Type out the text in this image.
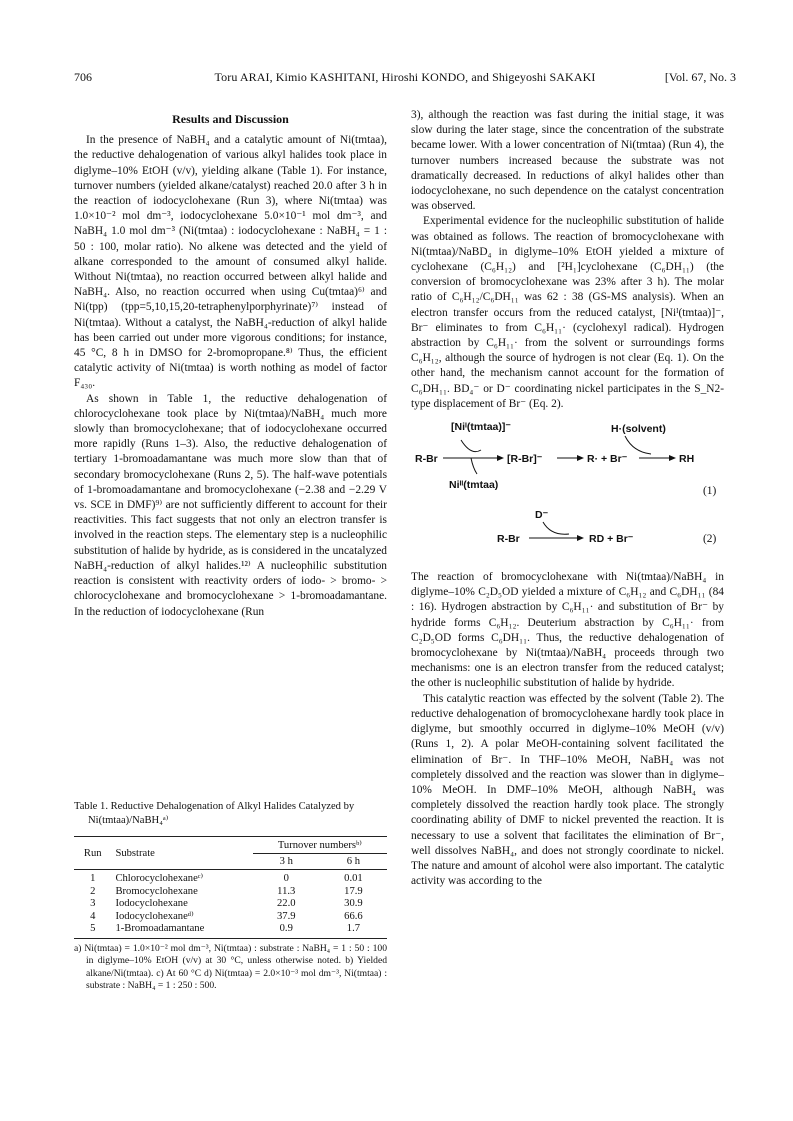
706	Toru ARAI, Kimio KASHITANI, Hiroshi KONDO, and Shigeyoshi SAKAKI	[Vol. 67, No. 3
Results and Discussion

In the presence of NaBH₄ and a catalytic amount of Ni(tmtaa), the reductive dehalogenation of various alkyl halides took place in diglyme–10% EtOH (v/v), yielding alkane (Table 1). For instance, turnover numbers (yielded alkane/catalyst) reached 20.0 after 3 h in the reaction of iodocyclohexane (Run 3), where Ni(tmtaa) was 1.0×10⁻² mol dm⁻³, iodocyclohexane 5.0×10⁻¹ mol dm⁻³, and NaBH₄ 1.0 mol dm⁻³ (Ni(tmtaa) : iodocyclohexane : NaBH₄ = 1 : 50 : 100, molar ratio). No alkene was detected and the yield of alkane corresponded to the amount of consumed alkyl halide. Without Ni(tmtaa), no reaction occurred between alkyl halide and NaBH₄. Also, no reaction occurred when using Cu(tmtaa)⁶⁾ and Ni(tpp) (tpp=5,10,15,20-tetraphenylporphyrinate)⁷⁾ instead of Ni(tmtaa). Without a catalyst, the NaBH₄-reduction of alkyl halide has been carried out under more vigorous conditions; for instance, 45 °C, 8 h in DMSO for 2-bromopropane.⁸⁾ Thus, the efficient catalytic activity of Ni(tmtaa) is worth nothing as model of factor F₄₃₀.

As shown in Table 1, the reductive dehalogenation of chlorocyclohexane took place by Ni(tmtaa)/NaBH₄ much more slowly than bromocyclohexane; that of iodocyclohexane occurred more rapidly (Runs 1–3). Also, the reductive dehalogenation of tertiary 1-bromoadamantane was much more slow than that of secondary bromocyclohexane (Runs 2, 5). The half-wave potentials of 1-bromoadamantane and bromocyclohexane (−2.38 and −2.29 V vs. SCE in DMF)⁹⁾ are not sufficiently different to account for their reactivities. This fact suggests that not only an electron transfer is involved in the reaction steps. The elementary step is a nucleophilic substitution of halide by hydride, as is considered in the uncatalyzed NaBH₄-reduction of alkyl halides.¹²⁾ A nucleophilic substitution reaction is consistent with reactivity orders of iodo- > bromo- > chlorocyclohexane and bromocyclohexane > 1-bromoadamantane. In the reduction of iodocyclohexane (Run

Table 1. Reductive Dehalogenation of Alkyl Halides Catalyzed by Ni(tmtaa)/NaBH₄ᵃ⁾

Run	Substrate	Turnover numbersᵇ⁾	
		3 h	6 h
1	Chlorocyclohexaneᶜ⁾	0	0.01
2	Bromocyclohexane	11.3	17.9
3	Iodocyclohexane	22.0	30.9
4	Iodocyclohexaneᵈ⁾	37.9	66.6
5	1-Bromoadamantane	0.9	1.7

a) Ni(tmtaa) = 1.0×10⁻² mol dm⁻³, Ni(tmtaa) : substrate : NaBH₄ = 1 : 50 : 100 in diglyme–10% EtOH (v/v) at 30 °C, unless otherwise noted. b) Yielded alkane/Ni(tmtaa). c) At 60 °C d) Ni(tmtaa) = 2.0×10⁻³ mol dm⁻³, Ni(tmtaa) : substrate : NaBH₄ = 1 : 250 : 500.

3), although the reaction was fast during the initial stage, it was slow during the later stage, since the concentration of the substrate became lower. With a lower concentration of Ni(tmtaa) (Run 4), the turnover numbers increased because the substrate was not dramatically decreased. In reductions of alkyl halides other than iodocyclohexane, no such dependence on the catalyst concentration was observed.

Experimental evidence for the nucleophilic substitution of halide was obtained as follows. The reaction of bromocyclohexane with Ni(tmtaa)/NaBD₄ in diglyme–10% EtOH yielded a mixture of cyclohexane (C₆H₁₂) and [²H₁]cyclohexane (C₆DH₁₁) (the conversion of bromocyclohexane was 23% after 3 h). The molar ratio of C₆H₁₂/C₆DH₁₁ was 62 : 38 (GS-MS analysis). When an electron transfer occurs from the reduced catalyst, [Niᴵ(tmtaa)]⁻, Br⁻ eliminates to from C₆H₁₁· (cyclohexyl radical). Hydrogen abstraction by C₆H₁₁· from the solvent or surroundings forms C₆H₁₂, although the source of hydrogen is not clear (Eq. 1). On the other hand, the mechanism cannot account for the formation of C₆DH₁₁. BD₄⁻ or D⁻ coordinating nickel participates in the S_N2-type displacement of Br⁻ (Eq. 2).

[Niᴵ(tmtaa)]⁻
R-Br	[R-Br]⁻	R· + Br⁻
H·(solvent)
RH
Niᴵᴵ(tmtaa)	(1)
D⁻
R-Br	RD + Br⁻	(2)

The reaction of bromocyclohexane with Ni(tmtaa)/NaBH₄ in diglyme–10% C₂D₅OD yielded a mixture of C₆H₁₂ and C₆DH₁₁ (84 : 16). Hydrogen abstraction by C₆H₁₁· and substitution of Br⁻ by hydride forms C₆H₁₂. Deuterium abstraction by C₆H₁₁· from C₂D₅OD forms C₆DH₁₁. Thus, the reductive dehalogenation of bromocyclohexane by Ni(tmtaa)/NaBH₄ proceeds through two mechanisms: one is an electron transfer from the reduced catalyst; the other is nucleophilic substitution of halide by hydride.

This catalytic reaction was effected by the solvent (Table 2). The reductive dehalogenation of bromocyclohexane hardly took place in diglyme, but smoothly occurred in diglyme–10% MeOH (v/v) (Runs 1, 2). A polar MeOH-containing solvent facilitated the elimination of Br⁻. In THF–10% MeOH, NaBH₄ was not completely dissolved and the reaction was slower than in diglyme–10% MeOH. In DMF–10% MeOH, although NaBH₄ was completely dissolved the reaction hardly took place. The strongly coordinating ability of DMF to nickel prevented the reaction. It is necessary to use a solvent that facilitates the elimination of Br⁻, well dissolves NaBH₄, and does not strongly coordinate to nickel. The nature and amount of alcohol were also important. The catalytic activity was according to the
